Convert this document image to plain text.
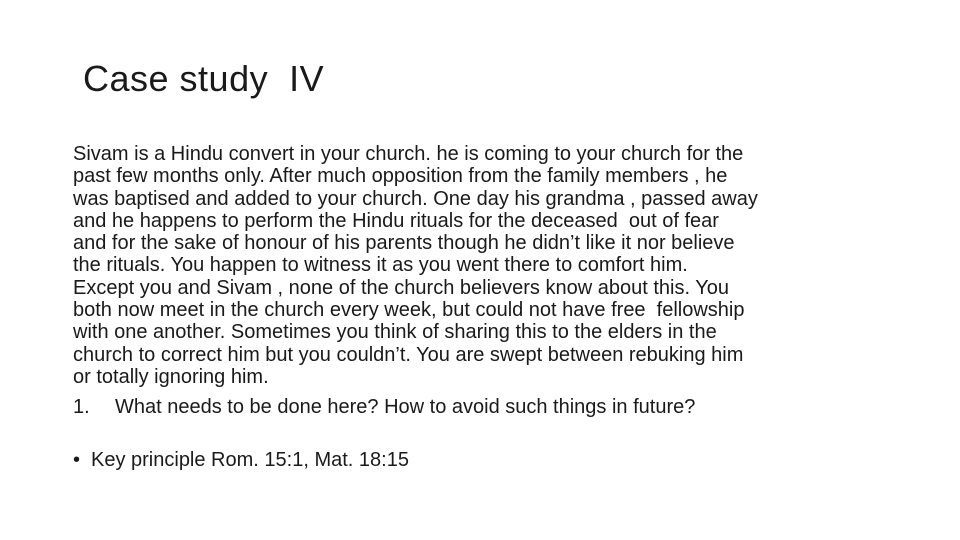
Case study  IV

Sivam is a Hindu convert in your church. he is coming to your church for the
past few months only. After much opposition from the family members , he
was baptised and added to your church. One day his grandma , passed away
and he happens to perform the Hindu rituals for the deceased  out of fear
and for the sake of honour of his parents though he didn’t like it nor believe
the rituals. You happen to witness it as you went there to comfort him.
Except you and Sivam , none of the church believers know about this. You
both now meet in the church every week, but could not have free  fellowship
with one another. Sometimes you think of sharing this to the elders in the
church to correct him but you couldn’t. You are swept between rebuking him
or totally ignoring him.

1. What needs to be done here? How to avoid such things in future?
• Key principle Rom. 15:1, Mat. 18:15
